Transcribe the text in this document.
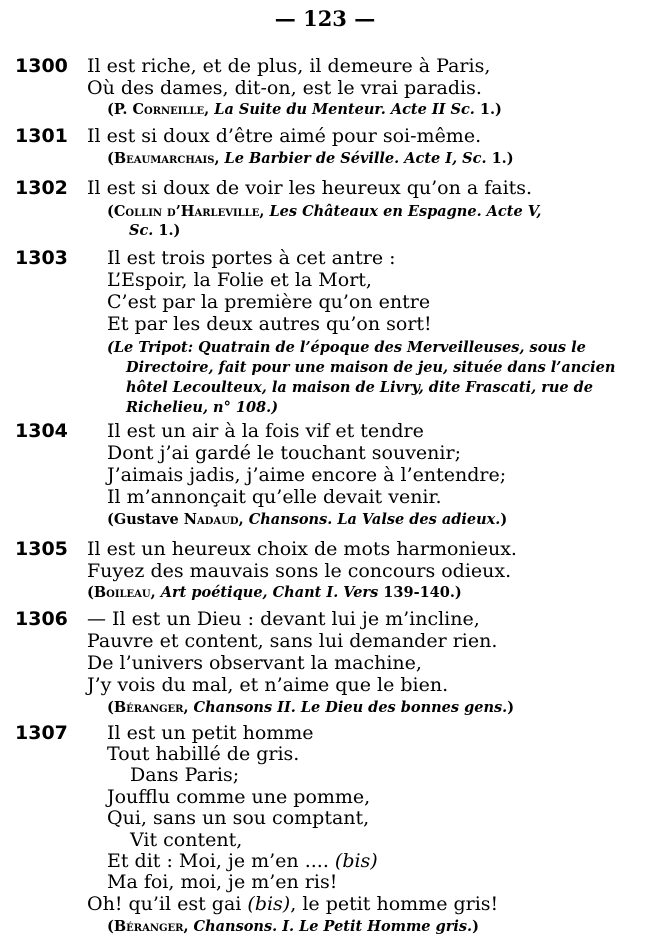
— 123 —
1300 Il est riche, et de plus, il demeure à Paris,
Où des dames, dit-on, est le vrai paradis.
(P. Corneille, La Suite du Menteur. Acte II Sc. 1.)
1301 Il est si doux d’être aimé pour soi-même.
(Beaumarchais, Le Barbier de Séville. Acte I, Sc. 1.)
1302 Il est si doux de voir les heureux qu’on a faits.
(Collin d’Harleville, Les Châteaux en Espagne. Acte V,
Sc. 1.)
1303 Il est trois portes à cet antre :
L’Espoir, la Folie et la Mort,
C’est par la première qu’on entre
Et par les deux autres qu’on sort!
(Le Tripot: Quatrain de l’époque des Merveilleuses, sous le
Directoire, fait pour une maison de jeu, située dans l’ancien
hôtel Lecoulteux, la maison de Livry, dite Frascati, rue de
Richelieu, n° 108.)
1304 Il est un air à la fois vif et tendre
Dont j’ai gardé le touchant souvenir;
J’aimais jadis, j’aime encore à l’entendre;
Il m’annonçait qu’elle devait venir.
(Gustave Nadaud, Chansons. La Valse des adieux.)
1305 Il est un heureux choix de mots harmonieux.
Fuyez des mauvais sons le concours odieux.
(Boileau, Art poétique, Chant I. Vers 139-140.)
1306 — Il est un Dieu : devant lui je m’incline,
Pauvre et content, sans lui demander rien.
De l’univers observant la machine,
J’y vois du mal, et n’aime que le bien.
(Béranger, Chansons II. Le Dieu des bonnes gens.)
1307 Il est un petit homme
Tout habillé de gris.
Dans Paris;
Joufflu comme une pomme,
Qui, sans un sou comptant,
Vit content,
Et dit : Moi, je m’en .... (bis)
Ma foi, moi, je m’en ris!
Oh! qu’il est gai (bis), le petit homme gris!
(Béranger, Chansons. I. Le Petit Homme gris.)
